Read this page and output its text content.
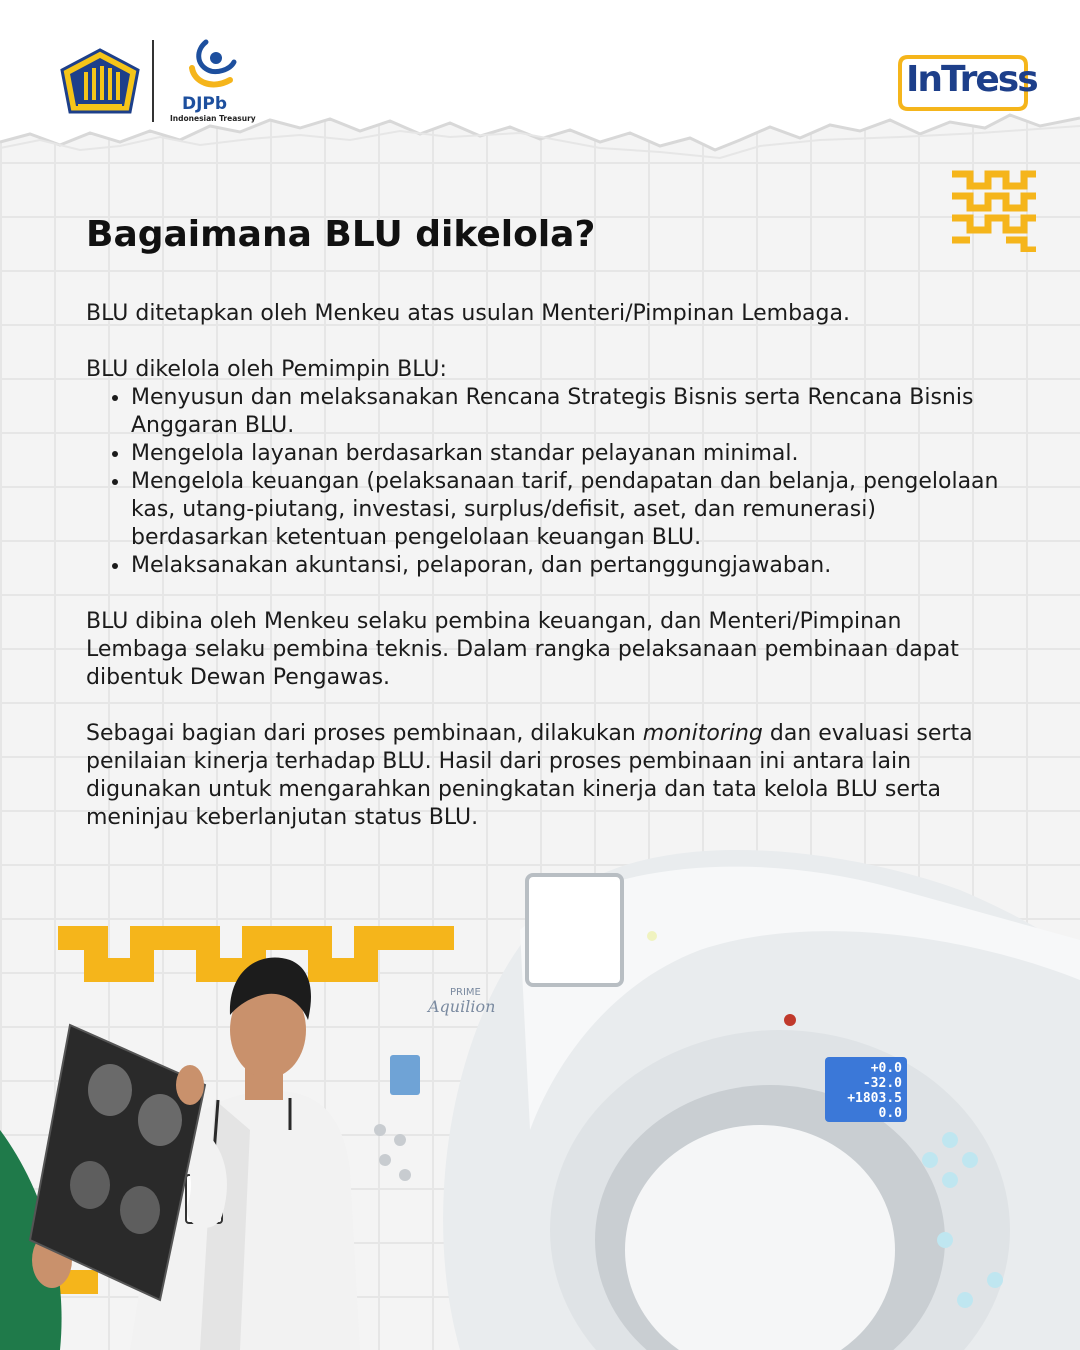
DJPb
Indonesian Treasury
InTress
Bagaimana BLU dikelola?

BLU ditetapkan oleh Menkeu atas usulan Menteri/Pimpinan Lembaga.

BLU dikelola oleh Pemimpin BLU:

• Menyusun dan melaksanakan Rencana Strategis Bisnis serta Rencana Bisnis Anggaran BLU.
• Mengelola layanan berdasarkan standar pelayanan minimal.
• Mengelola keuangan (pelaksanaan tarif, pendapatan dan belanja, pengelolaan kas, utang-piutang, investasi, surplus/defisit, aset, dan remunerasi) berdasarkan ketentuan pengelolaan keuangan BLU.
• Melaksanakan akuntansi, pelaporan, dan pertanggungjawaban.

BLU dibina oleh Menkeu selaku pembina keuangan, dan Menteri/Pimpinan Lembaga selaku pembina teknis. Dalam rangka pelaksanaan pembinaan dapat dibentuk Dewan Pengawas.

Sebagai bagian dari proses pembinaan, dilakukan monitoring dan evaluasi serta penilaian kinerja terhadap BLU. Hasil dari proses pembinaan ini antara lain digunakan untuk mengarahkan peningkatan kinerja dan tata kelola BLU serta meninjau keberlanjutan status BLU.

+0.0
-32.0
+1803.5
0.0
PRIME
Aquilion
